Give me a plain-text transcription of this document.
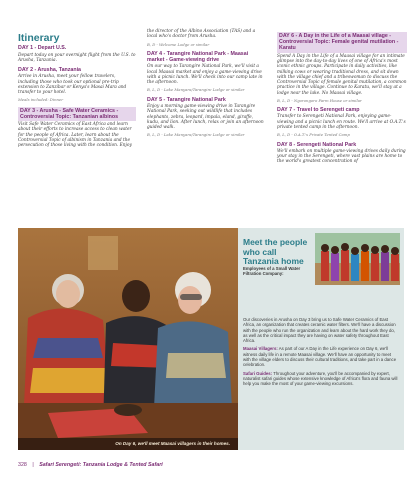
Itinerary
DAY 1 - Depart U.S.
Depart today on your overnight flight from the U.S. to Arusha, Tanzania.
DAY 2 - Arusha, Tanzania
Arrive in Arusha, meet your fellow travelers, including those who took our optional pre-trip extension to Zanzibar or Kenya's Masai Mara and transfer to your hotel.
Meals included: Dinner
DAY 3 - Arusha - Safe Water Ceramics - Controversial Topic: Tanzanian albinos
Visit Safe Water Ceramics of East Africa and learn about their efforts to increase access to clean water for the people of Africa. Later, learn about the Controversial Topic of albinism in Tanzania and the persecution of those living with the condition. Enjoy
the director of the Albino Association (TAS) and a local who's doctor from Arusha.
B, D - Welcome Lodge or similar
DAY 4 - Tarangire National Park - Maasai market - Game-viewing drive
On our way to Tarangire National Park, we'll visit a local Maasai market and enjoy a game-viewing drive with a picnic lunch. We'll check into our camp late in the afternoon.
B, L, D - Lake Manyara/Tarangire Lodge or similar
DAY 5 - Tarangire National Park
Enjoy a morning game-viewing drive in Tarangire National Park, seeking out wildlife that includes elephants, zebra, leopard, impala, eland, giraffe, kudu, and lion. After lunch, relax or join an afternoon guided walk.
B, L, D - Lake Manyara/Tarangire Lodge or similar
DAY 6 - A Day in the Life of a Maasai village - Controversial Topic: Female genital mutilation - Karatu
Spend A Day in the Life of a Maasai village for an intimate glimpse into the day-to-day lives of one of Africa's most iconic ethnic groups. Participate in daily activities, like milking cows or wearing traditional dress, and sit down with the village chief and a tribeswoman to discuss the Controversial Topic of female genital mutilation, a common practice in the village. Continue to Karatu, we'll stay at a lodge near the lake. No Maasai village.
B, L, D - Ngorongoro Farm House or similar
DAY 7 - Travel to Serengeti camp
Transfer to Serengeti National Park, enjoying game-viewing and a picnic lunch en route. We'll arrive at O.A.T.'s private tented camp in the afternoon.
B, L, D - O.A.T.'s Private Tented Camp
DAY 8 - Serengeti National Park
We'll embark on multiple game-viewing drives daily during your stay in the Serengeti, where vast plains are home to the world's greatest concentration of
On Day 6, we'll meet Maasai villagers in their homes.
Meet the people who call Tanzania home
Employees of a Small Water Filtration Company:

Our discoveries in Arusha on Day 3 bring us to Safe Water Ceramics of East Africa, an organization that creates ceramic water filters. We'll have a discussion with the people who run the organization and learn about the hard work they do, as well as the critical impact they are having on water safety throughout East Africa.

Maasai Villagers: As part of our A Day in the Life experience on Day 6, we'll witness daily life in a remote Maasai village. We'll have an opportunity to meet with the village elders to discuss their cultural traditions, and take part in a dance celebration.

Safari Guides: Throughout your adventure, you'll be accompanied by expert, naturalist safari guides whose extensive knowledge of Africa's flora and fauna will help you make the most of your game-viewing excursions.

328 | Safari Serengeti: Tanzania Lodge & Tented Safari
